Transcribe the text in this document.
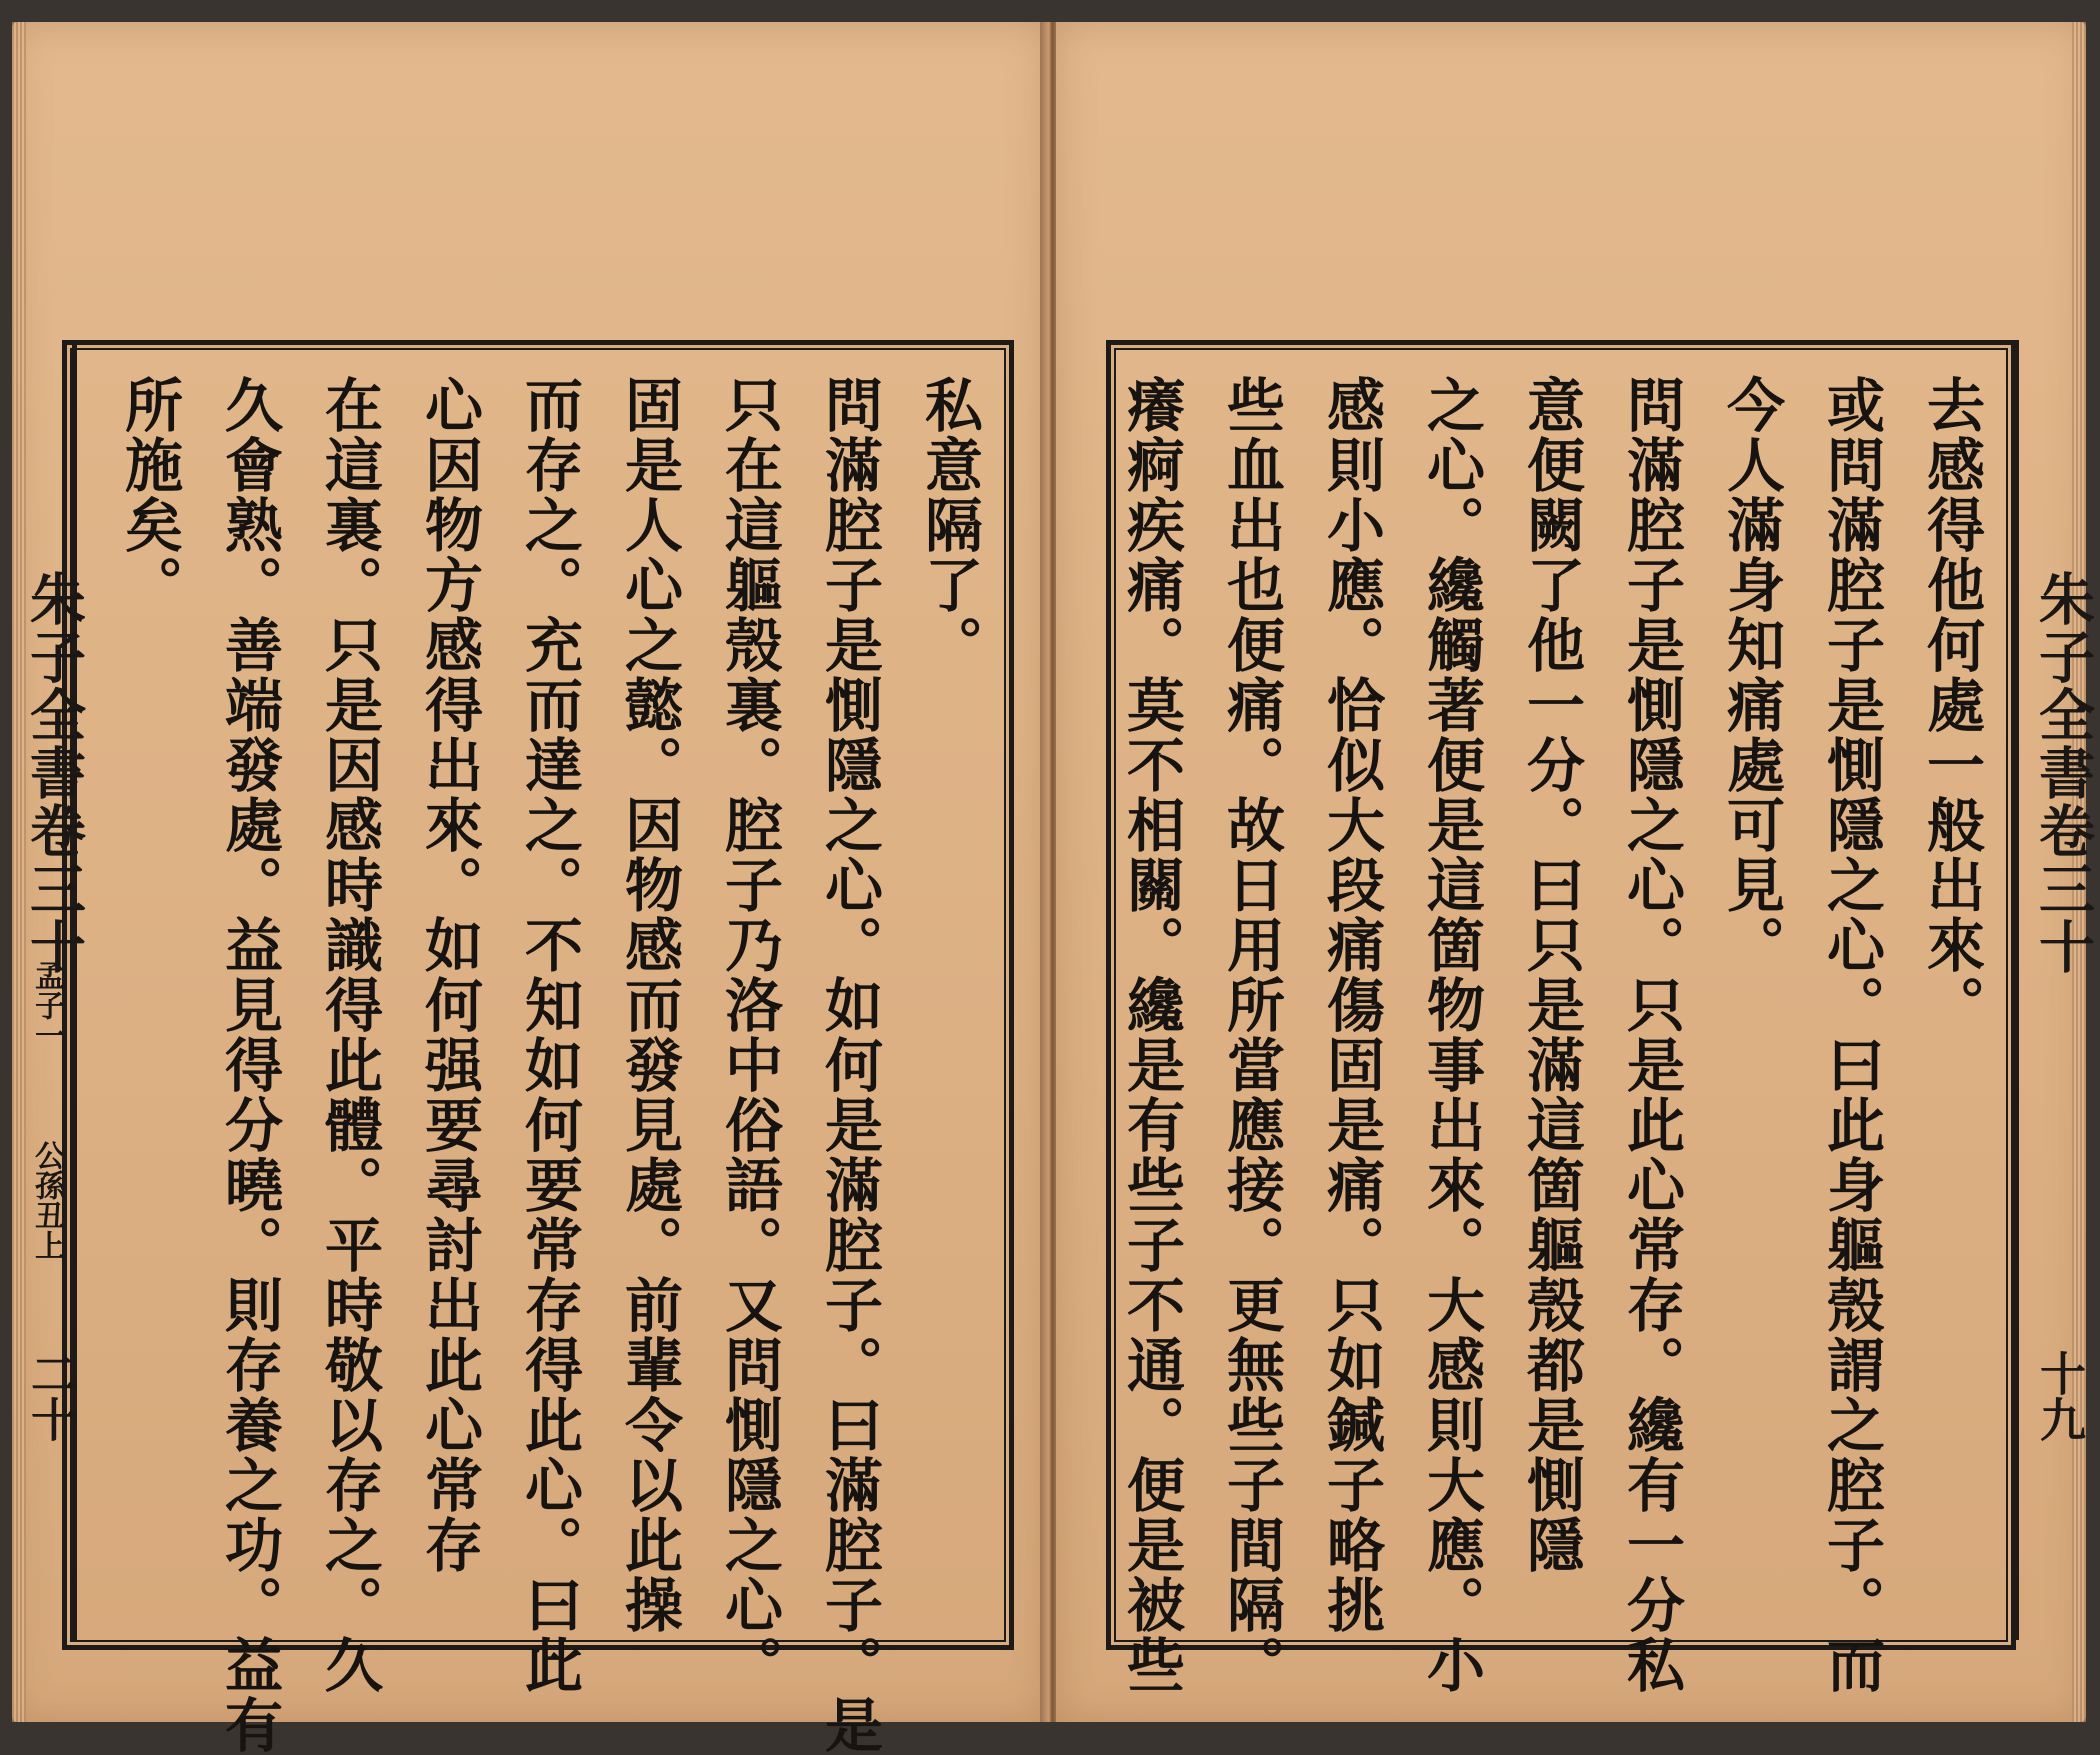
私意隔了。
問滿腔子是惻隱之心。如何是滿腔子。曰滿腔子。是
只在這軀殼裏。腔子乃洛中俗語。又問惻隱之心。
固是人心之懿。因物感而發見處。前輩令以此操
而存之。充而達之。不知如何要常存得此心。曰此
心因物方感得出來。如何强要尋討出此心常存
在這裏。只是因感時識得此體。平時敬以存之。久
久會熟。善端發處。益見得分曉。則存養之功。益有
所施矣。
朱子全書卷三十
孟子一
公孫丑上
二十
去感得他何處一般出來。
或問滿腔子是惻隱之心。曰此身軀殼謂之腔子。而
今人滿身知痛處可見。
問滿腔子是惻隱之心。只是此心常存。纔有一分私
意便闕了他一分。曰只是滿這箇軀殼都是惻隱
之心。纔觸著便是這箇物事出來。大感則大應。小
感則小應。恰似大段痛傷固是痛。只如鍼子略挑
些血出也便痛。故日用所當應接。更無些子間隔。
癢痾疾痛。莫不相關。纔是有些子不通。便是被些	朱子全書卷三十
十九
